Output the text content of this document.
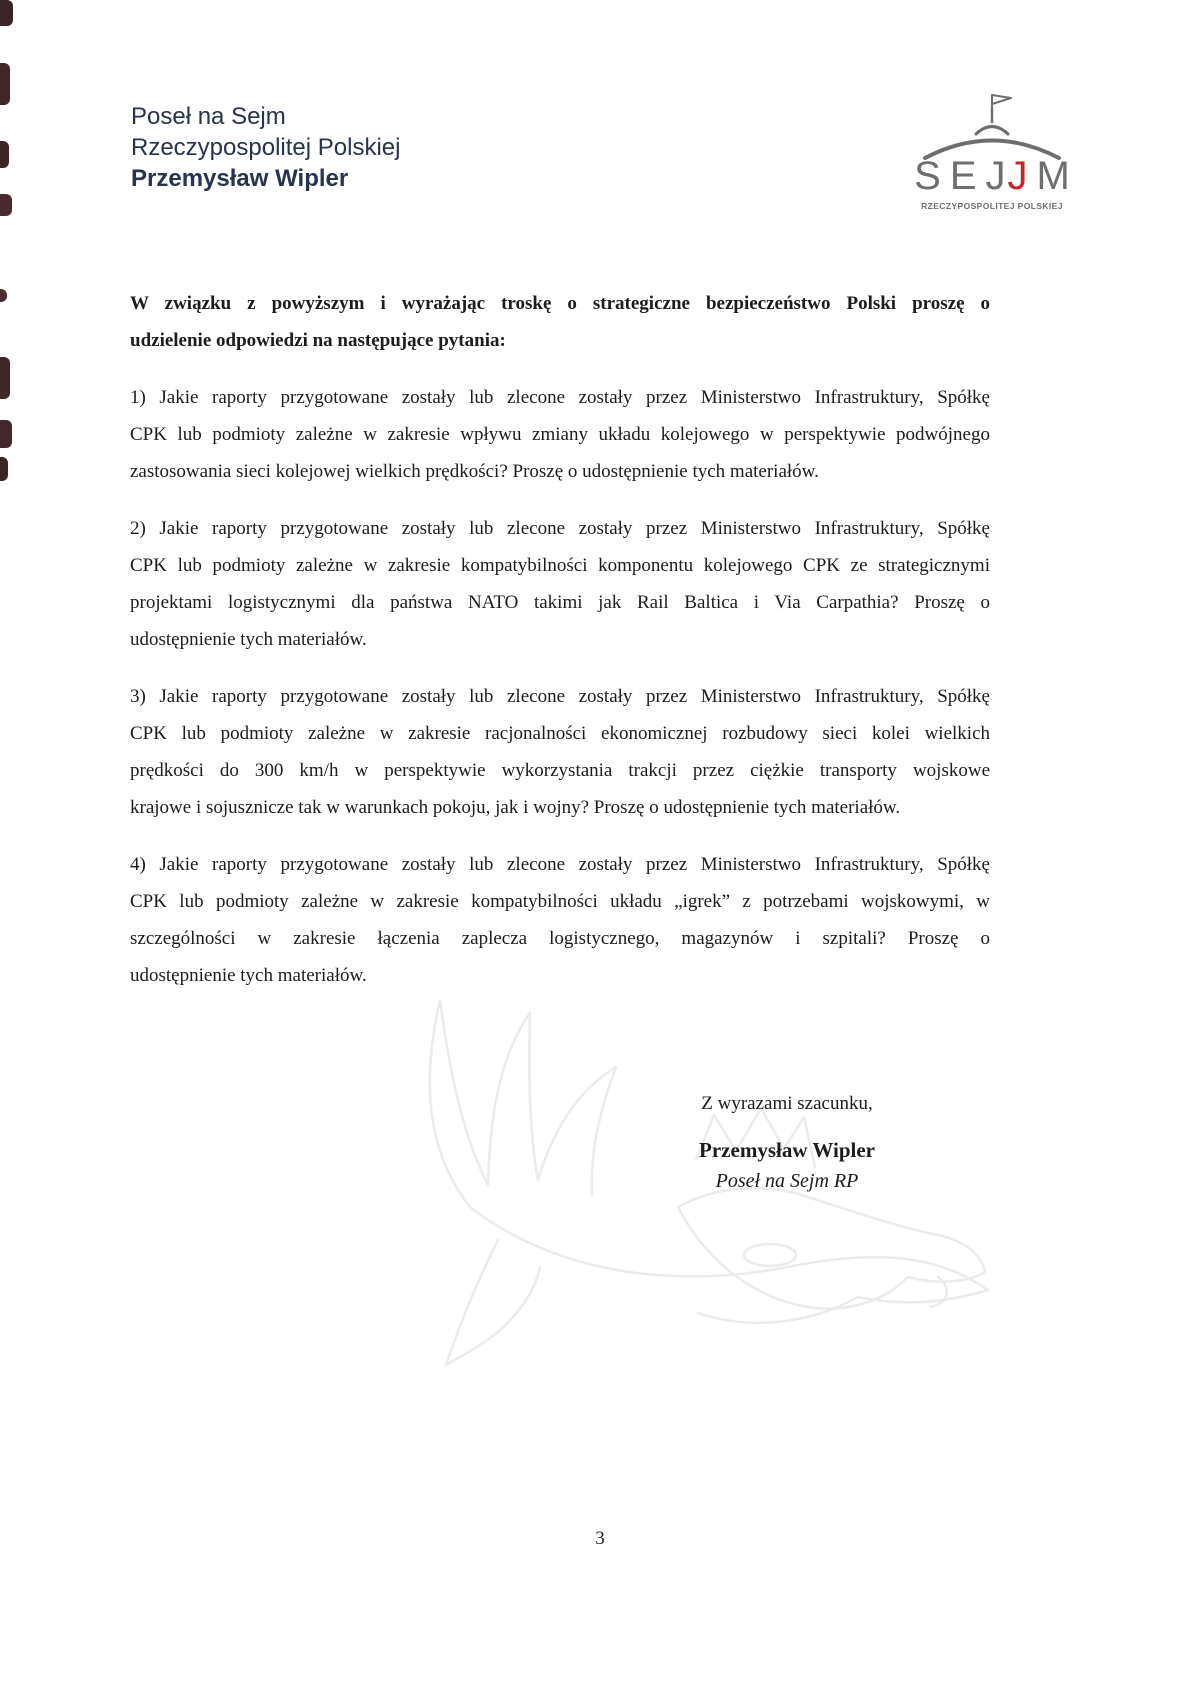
Poseł na Sejm
Rzeczypospolitej Polskiej
Przemysław Wipler	S E J J M
RZECZYPOSPOLITEJ POLSKIEJ
W związku z powyższym i wyrażając troskę o strategiczne bezpieczeństwo Polski proszę o
udzielenie odpowiedzi na następujące pytania:
1) Jakie raporty przygotowane zostały lub zlecone zostały przez Ministerstwo Infrastruktury, Spółkę
CPK lub podmioty zależne w zakresie wpływu zmiany układu kolejowego w perspektywie podwójnego
zastosowania sieci kolejowej wielkich prędkości? Proszę o udostępnienie tych materiałów.
2) Jakie raporty przygotowane zostały lub zlecone zostały przez Ministerstwo Infrastruktury, Spółkę
CPK lub podmioty zależne w zakresie kompatybilności komponentu kolejowego CPK ze strategicznymi
projektami logistycznymi dla państwa NATO takimi jak Rail Baltica i Via Carpathia? Proszę o
udostępnienie tych materiałów.
3) Jakie raporty przygotowane zostały lub zlecone zostały przez Ministerstwo Infrastruktury, Spółkę
CPK lub podmioty zależne w zakresie racjonalności ekonomicznej rozbudowy sieci kolei wielkich
prędkości do 300 km/h w perspektywie wykorzystania trakcji przez ciężkie transporty wojskowe
krajowe i sojusznicze tak w warunkach pokoju, jak i wojny? Proszę o udostępnienie tych materiałów.
4) Jakie raporty przygotowane zostały lub zlecone zostały przez Ministerstwo Infrastruktury, Spółkę
CPK lub podmioty zależne w zakresie kompatybilności układu „igrek” z potrzebami wojskowymi, w
szczególności w zakresie łączenia zaplecza logistycznego, magazynów i szpitali? Proszę o
udostępnienie tych materiałów.
Z wyrazami szacunku,
Przemysław Wipler
Poseł na Sejm RP
3
